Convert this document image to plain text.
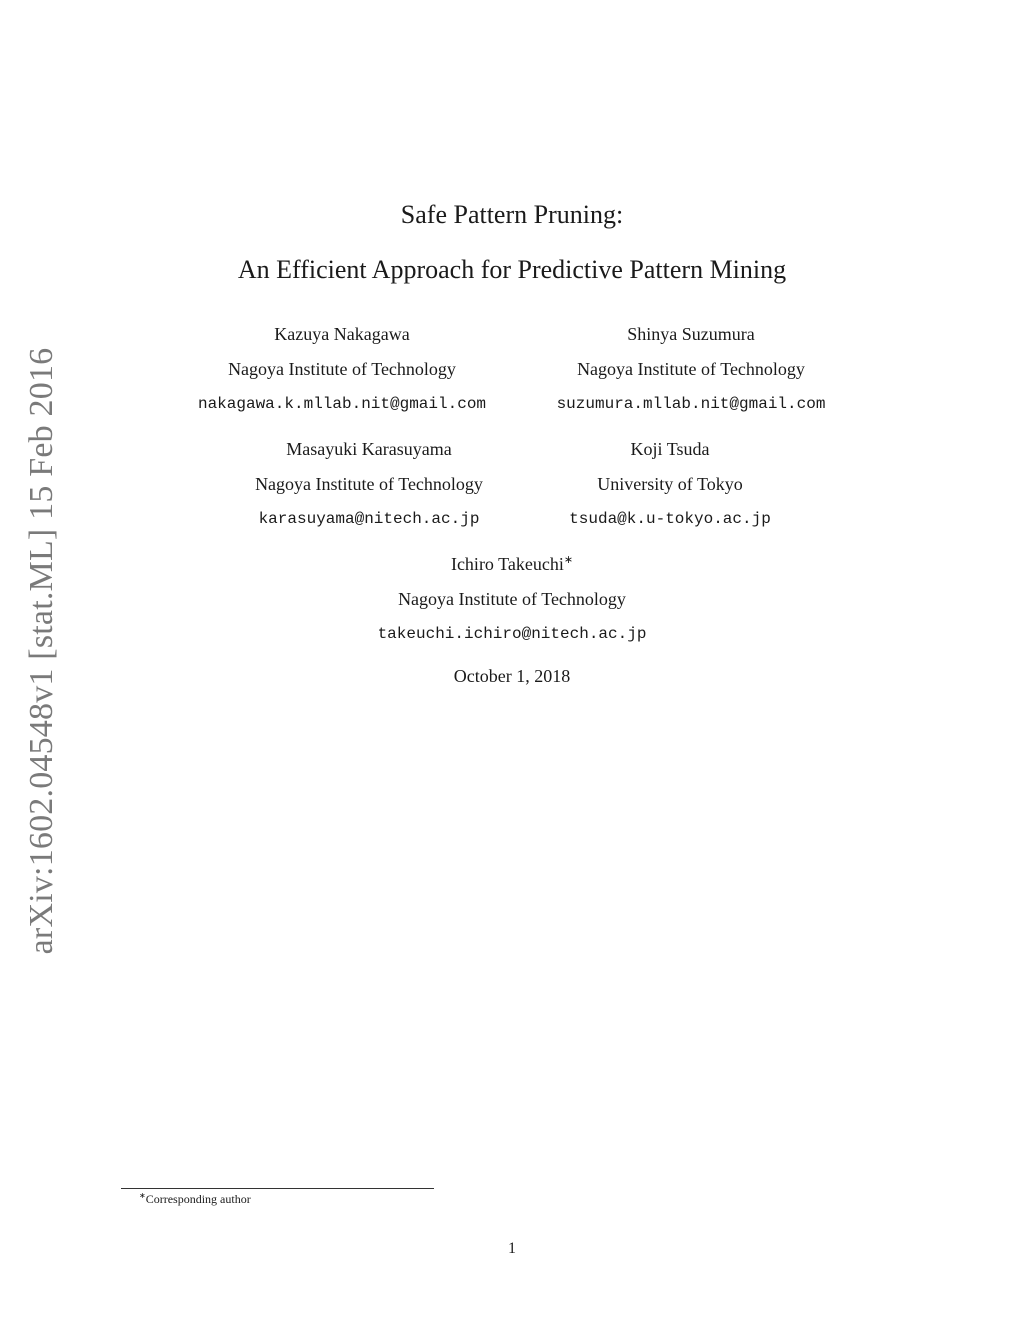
arXiv:1602.04548v1 [stat.ML] 15 Feb 2016
Safe Pattern Pruning:
An Efficient Approach for Predictive Pattern Mining
Kazuya Nakagawa
Nagoya Institute of Technology
nakagawa.k.mllab.nit@gmail.com
Shinya Suzumura
Nagoya Institute of Technology
suzumura.mllab.nit@gmail.com
Masayuki Karasuyama
Nagoya Institute of Technology
karasuyama@nitech.ac.jp
Koji Tsuda
University of Tokyo
tsuda@k.u-tokyo.ac.jp
Ichiro Takeuchi∗
Nagoya Institute of Technology
takeuchi.ichiro@nitech.ac.jp
October 1, 2018
∗Corresponding author
1
